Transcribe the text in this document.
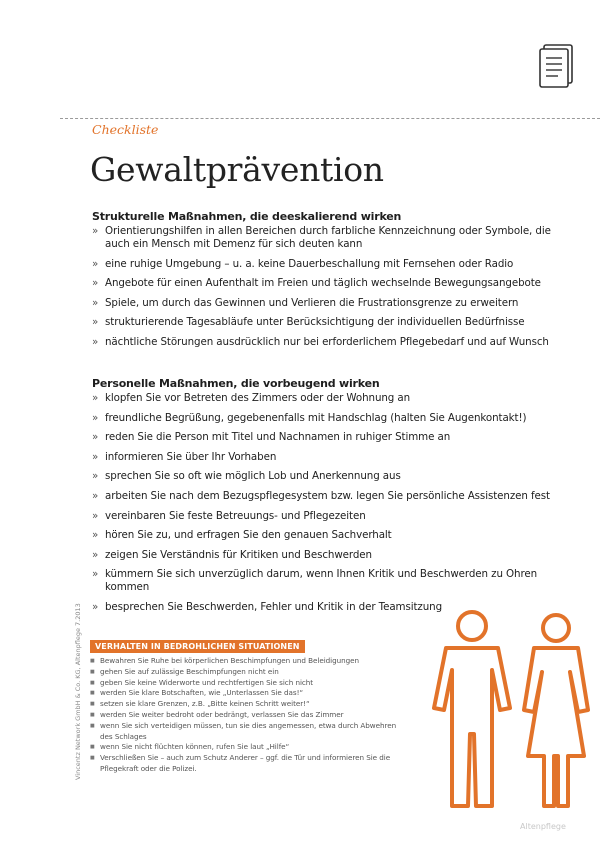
Checkliste

Gewaltprävention
Strukturelle Maßnahmen, die deeskalierend wirken
» Orientierungshilfen in allen Bereichen durch farbliche Kennzeichnung oder Symbole, die auch ein Mensch mit Demenz für sich deuten kann
» eine ruhige Umgebung – u. a. keine Dauerbeschallung mit Fernsehen oder Radio
» Angebote für einen Aufenthalt im Freien und täglich wechselnde Bewegungsangebote
» Spiele, um durch das Gewinnen und Verlieren die Frustrationsgrenze zu erweitern
» strukturierende Tagesabläufe unter Berücksichtigung der individuellen Bedürfnisse
» nächtliche Störungen ausdrücklich nur bei erforderlichem Pflegebedarf und auf Wunsch
Personelle Maßnahmen, die vorbeugend wirken
» klopfen Sie vor Betreten des Zimmers oder der Wohnung an
» freundliche Begrüßung, gegebenenfalls mit Handschlag (halten Sie Augenkontakt!)
» reden Sie die Person mit Titel und Nachnamen in ruhiger Stimme an
» informieren Sie über Ihr Vorhaben
» sprechen Sie so oft wie möglich Lob und Anerkennung aus
» arbeiten Sie nach dem Bezugspflegesystem bzw. legen Sie persönliche Assistenzen fest
» vereinbaren Sie feste Betreuungs- und Pflegezeiten
» hören Sie zu, und erfragen Sie den genauen Sachverhalt
» zeigen Sie Verständnis für Kritiken und Beschwerden
» kümmern Sie sich unverzüglich darum, wenn Ihnen Kritik und Beschwerden zu Ohren kommen
» besprechen Sie Beschwerden, Fehler und Kritik in der Teamsitzung
VERHALTEN IN BEDROHLICHEN SITUATIONEN
■ Bewahren Sie Ruhe bei körperlichen Beschimpfungen und Beleidigungen
■ gehen Sie auf zulässige Beschimpfungen nicht ein
■ geben Sie keine Widerworte und rechtfertigen Sie sich nicht
■ werden Sie klare Botschaften, wie „Unterlassen Sie das!“
■ setzen sie klare Grenzen, z.B. „Bitte keinen Schritt weiter!“
■ werden Sie weiter bedroht oder bedrängt, verlassen Sie das Zimmer
■ wenn Sie sich verteidigen müssen, tun sie dies angemessen, etwa durch Abwehren des Schlages
■ wenn Sie nicht flüchten können, rufen Sie laut „Hilfe“
■ Verschließen Sie – auch zum Schutz Anderer – ggf. die Tür und informieren Sie die Pflegekraft oder die Polizei.

Vincentz Network GmbH & Co. KG, Altenpflege 7.2013

Altenpflege
